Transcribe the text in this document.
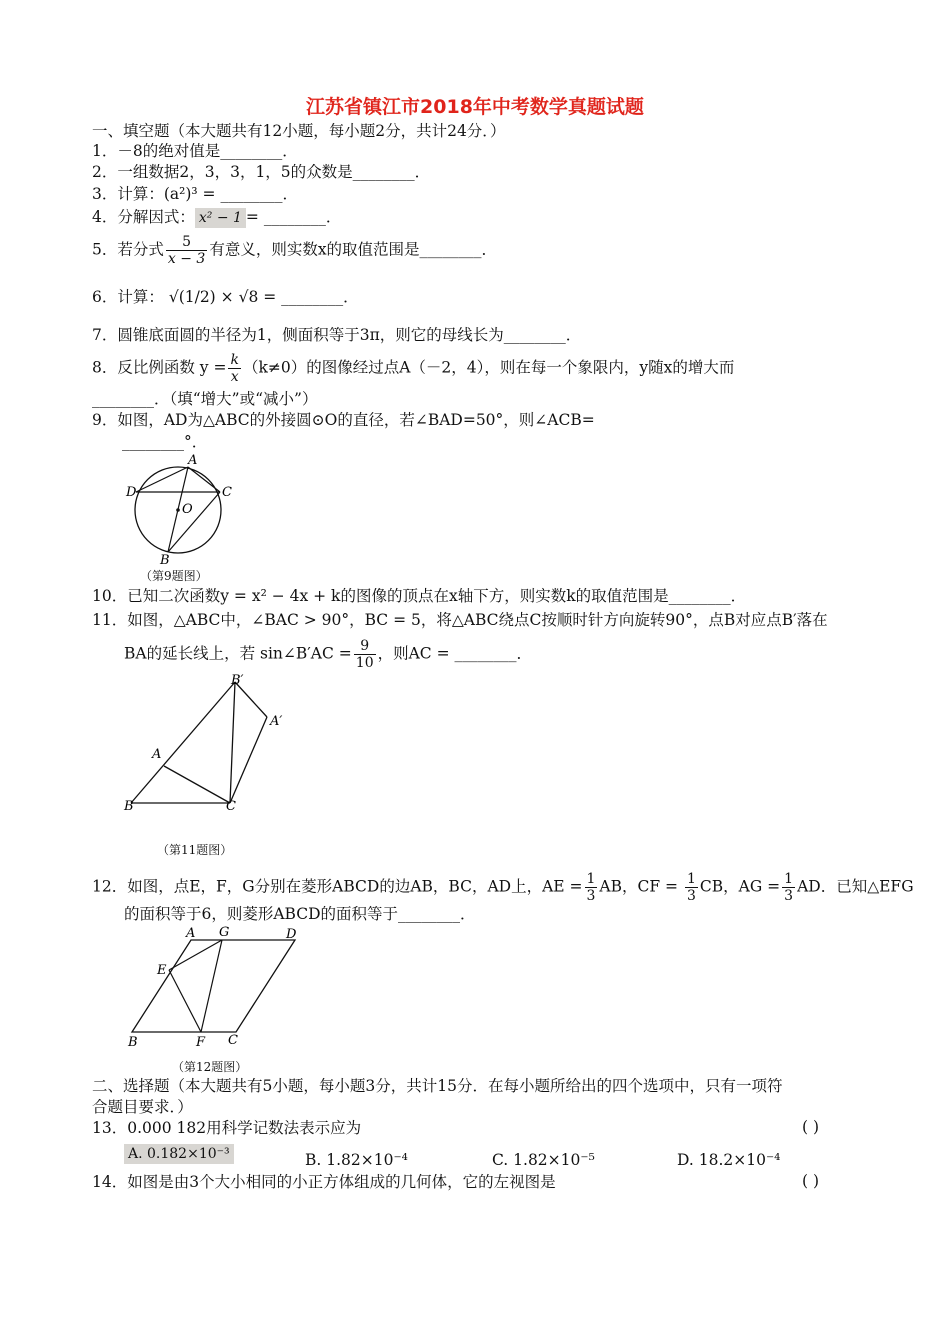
江苏省镇江市2018年中考数学真题试题
一、填空题（本大题共有12小题，每小题2分，共计24分．）
1．－8的绝对值是________．
2．一组数据2，3，3，1，5的众数是________．
3．计算：(a²)³ = ________．
4．分解因式： x² − 1 = ________．
5．若分式 $\frac{5}{x - 3}$ 有意义，则实数x的取值范围是________．
6．计算： √(1/2) × √8 = ________．
7．圆锥底面圆的半径为1，侧面积等于3π，则它的母线长为________．
8．反比例函数 $y = \frac{k}{x} (k\ne 0)$的图像经过点A（－2，4），则在每一个象限内，y随x的增大而
________．（填“增大”或“减小”）
9．如图，AD为△ABC的外接圆⊙O的直径，若∠BAD=50°，则∠ACB=
________°．
A
D	C
O
B
（第9题图）
10．已知二次函数y = x² − 4x + k的图像的顶点在x轴下方，则实数k的取值范围是________．
11．如图，△ABC中，∠BAC > 90°，BC = 5，将△ABC绕点C按顺时针方向旋转90°，点B对应点B′落在
BA的延长线上，若 sin∠B′AC = $\frac{9}{10}$ ，则AC = ________．
B′
A′
A
B	C
（第11题图）
12．如图，点E，F，G分别在菱形ABCD的边AB，BC，AD上，AE = $\frac{1}{3}$ AB，CF = $\frac{1}{3}$ CB，AG = $\frac{1}{3}$ AD．已知△EFG
的面积等于6，则菱形ABCD的面积等于________．
A G	D
E
B	F C
（第12题图）
二、选择题（本大题共有5小题，每小题3分，共计15分．在每小题所给出的四个选项中，只有一项符
合题目要求．）
13．0.000 182用科学记数法表示应为	( )
A. 0.182×10⁻³	B. 1.82×10⁻⁴	C. 1.82×10⁻⁵	D. 18.2×10⁻⁴
14．如图是由3个大小相同的小正方体组成的几何体，它的左视图是	( )
